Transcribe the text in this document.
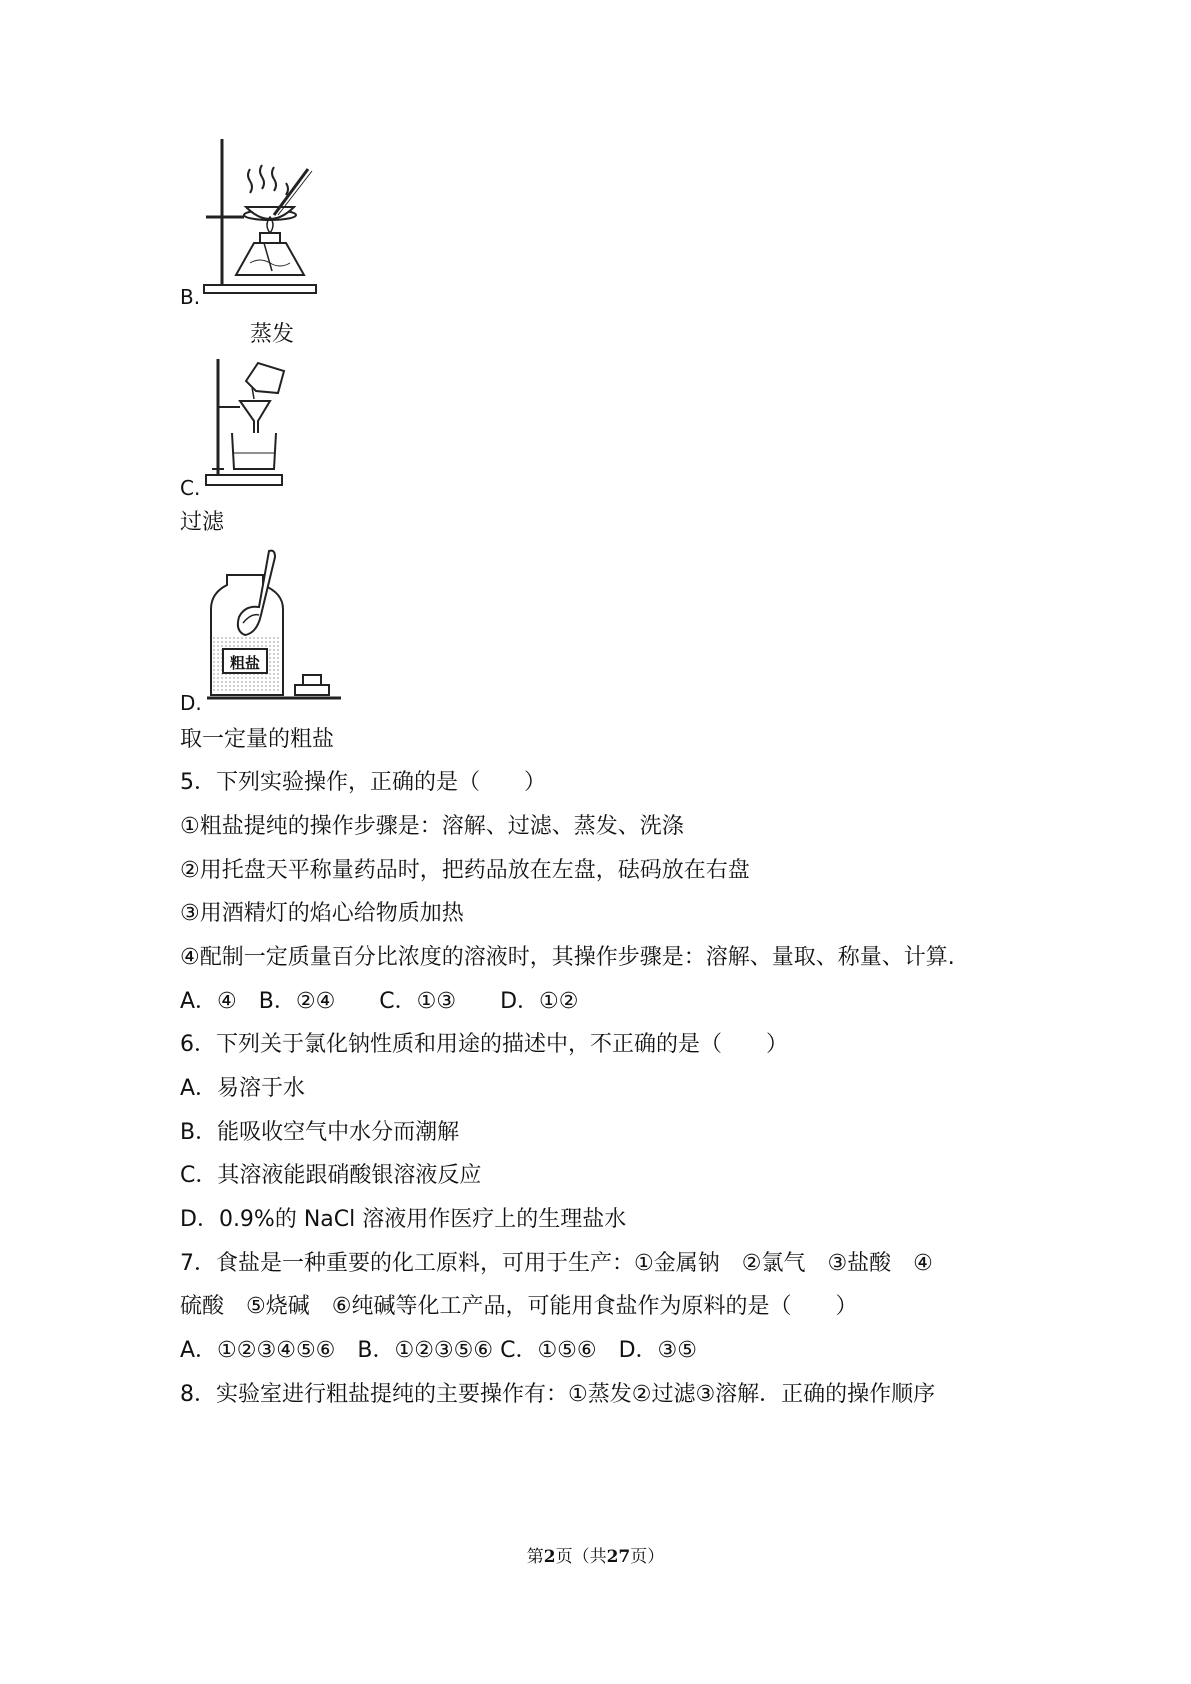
B.
蒸发
C.
过滤
粗盐
D.
取一定量的粗盐
5．下列实验操作，正确的是（　　）
①粗盐提纯的操作步骤是：溶解、过滤、蒸发、洗涤
②用托盘天平称量药品时，把药品放在左盘，砝码放在右盘
③用酒精灯的焰心给物质加热
④配制一定质量百分比浓度的溶液时，其操作步骤是：溶解、量取、称量、计算.
A．④　B．②④　　C．①③　　D．①②
6．下列关于氯化钠性质和用途的描述中，不正确的是（　　）
A．易溶于水
B．能吸收空气中水分而潮解
C．其溶液能跟硝酸银溶液反应
D．0.9%的 NaCl 溶液用作医疗上的生理盐水
7．食盐是一种重要的化工原料，可用于生产：①金属钠　②氯气　③盐酸　④
硫酸　⑤烧碱　⑥纯碱等化工产品，可能用食盐作为原料的是（　　）
A．①②③④⑤⑥　B．①②③⑤⑥ C．①⑤⑥　D．③⑤
8．实验室进行粗盐提纯的主要操作有：①蒸发②过滤③溶解．正确的操作顺序
第2页（共27页）
